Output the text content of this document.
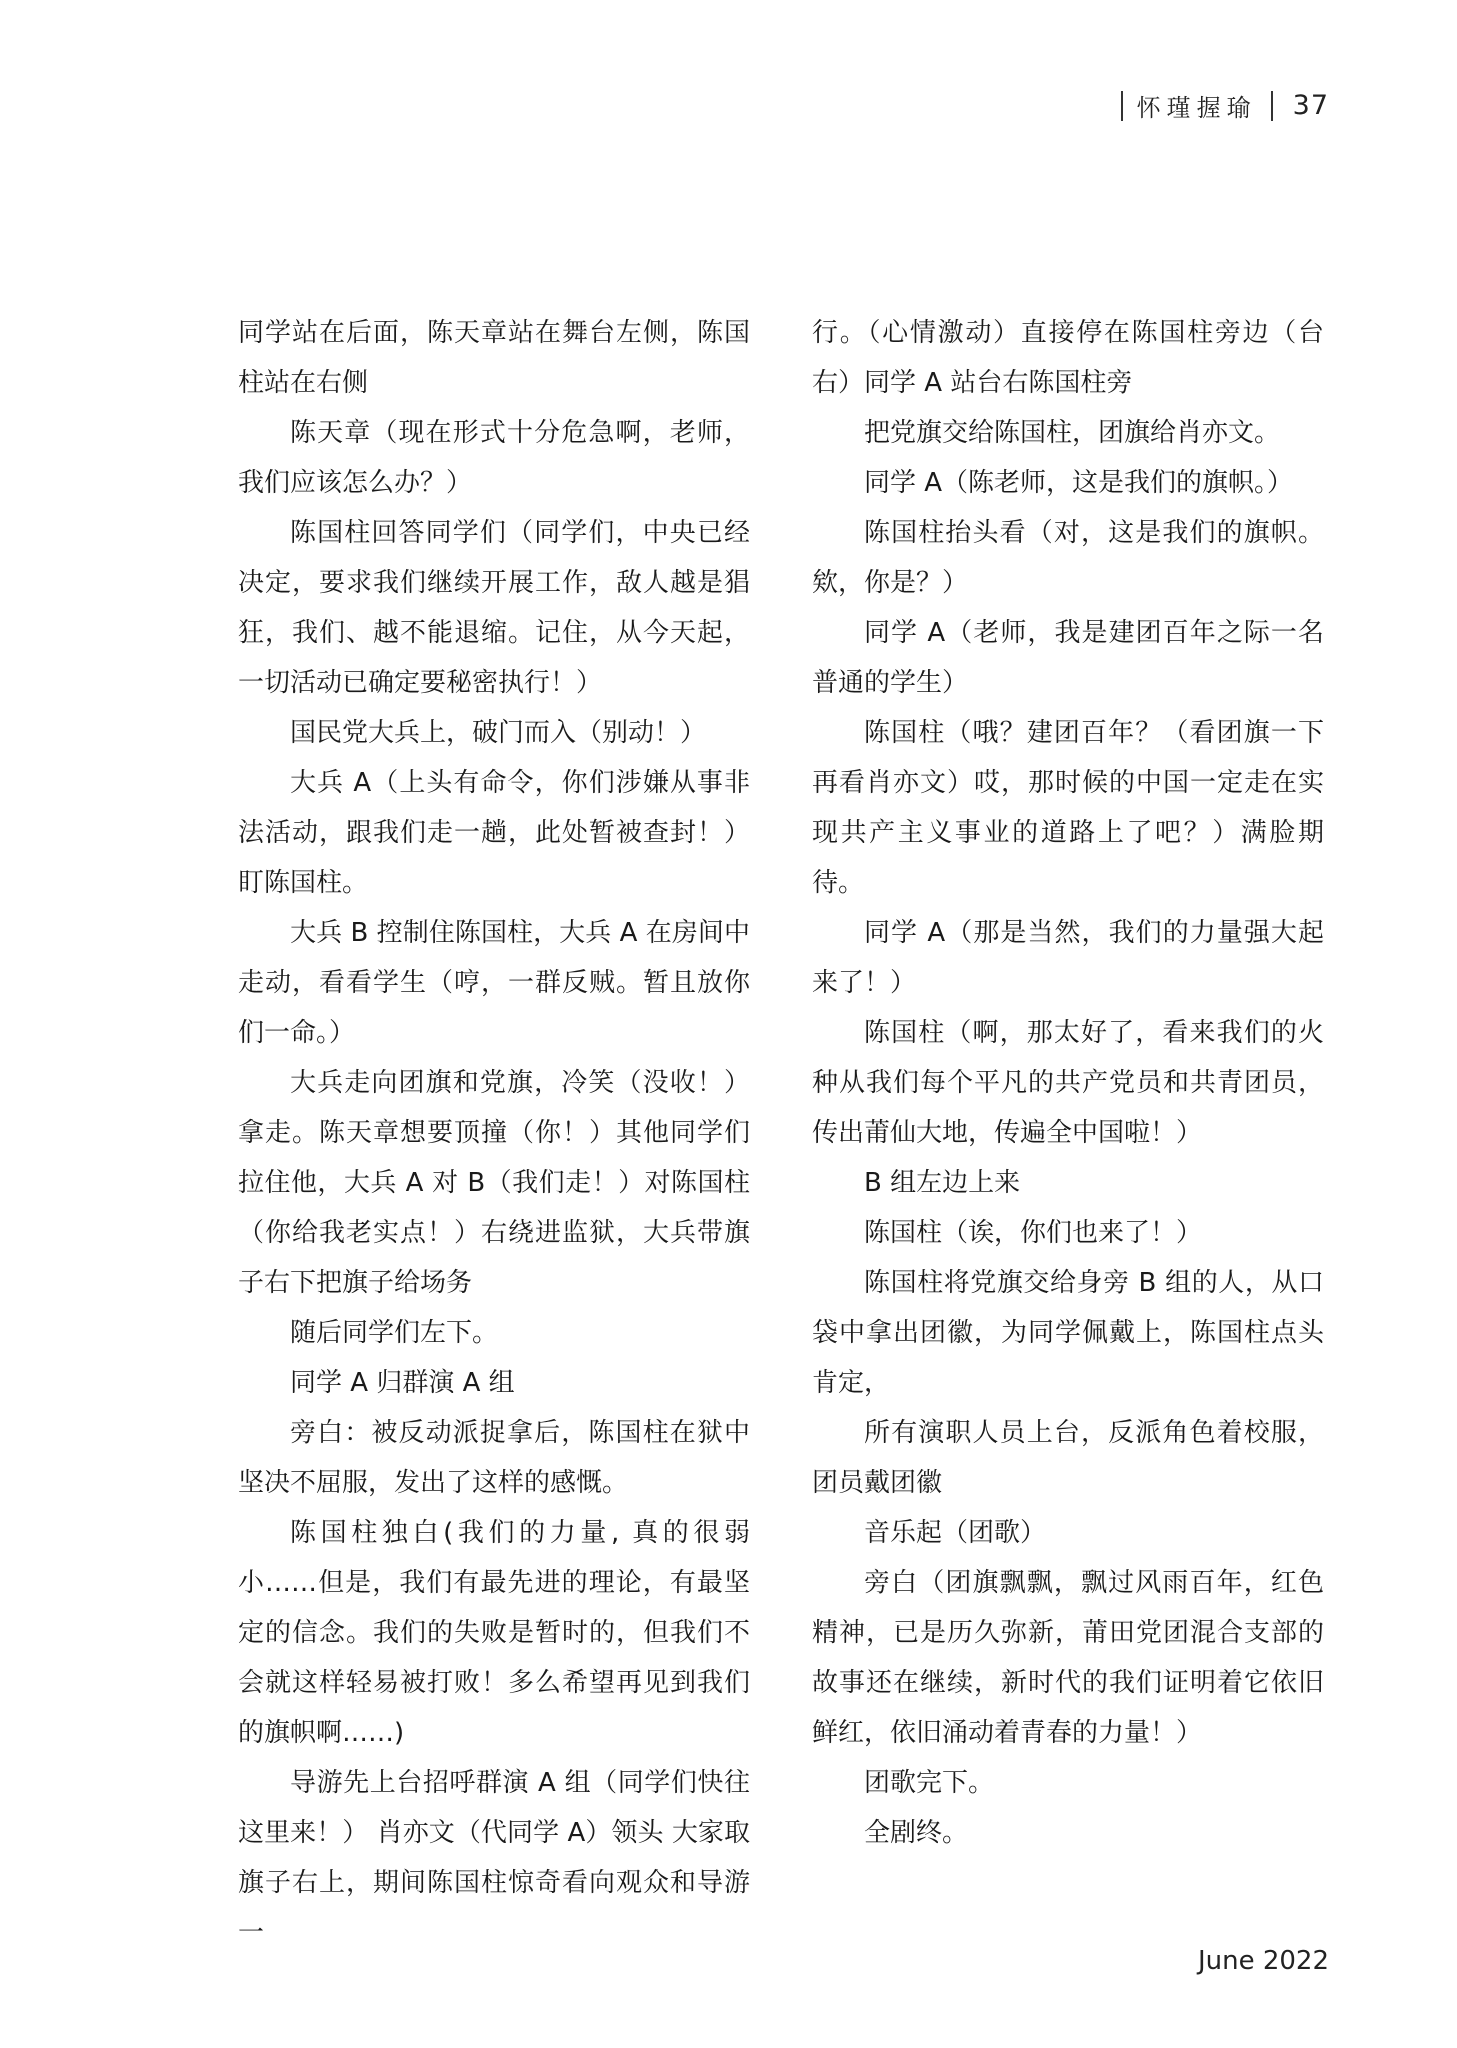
怀瑾握瑜 37

同学站在后面，陈天章站在舞台左侧，陈国柱站在右侧

陈天章（现在形式十分危急啊，老师，我们应该怎么办？）

陈国柱回答同学们（同学们，中央已经决定，要求我们继续开展工作，敌人越是猖狂，我们、越不能退缩。记住，从今天起，一切活动已确定要秘密执行！）

国民党大兵上，破门而入（别动！）

大兵 A（上头有命令，你们涉嫌从事非法活动，跟我们走一趟，此处暂被查封！）盯陈国柱。

大兵 B 控制住陈国柱，大兵 A 在房间中走动，看看学生（哼，一群反贼。暂且放你们一命。）

大兵走向团旗和党旗，冷笑（没收！）拿走。陈天章想要顶撞（你！）其他同学们拉住他，大兵 A 对 B（我们走！）对陈国柱（你给我老实点！）右绕进监狱，大兵带旗子右下把旗子给场务

随后同学们左下。

同学 A 归群演 A 组

旁白：被反动派捉拿后，陈国柱在狱中坚决不屈服，发出了这样的感慨。

陈国柱独白(我们的力量, 真的很弱小……但是，我们有最先进的理论，有最坚定的信念。我们的失败是暂时的，但我们不会就这样轻易被打败！多么希望再见到我们的旗帜啊……)

导游先上台招呼群演 A 组（同学们快往这里来！） 肖亦文（代同学 A）领头 大家取旗子右上，期间陈国柱惊奇看向观众和导游一

行。（心情激动）直接停在陈国柱旁边（台右）同学 A 站台右陈国柱旁

把党旗交给陈国柱，团旗给肖亦文。

同学 A（陈老师，这是我们的旗帜。）

陈国柱抬头看（对，这是我们的旗帜。欸，你是？）

同学 A（老师，我是建团百年之际一名普通的学生）

陈国柱（哦？建团百年？（看团旗一下再看肖亦文）哎，那时候的中国一定走在实现共产主义事业的道路上了吧？）满脸期待。

同学 A（那是当然，我们的力量强大起来了！）

陈国柱（啊，那太好了，看来我们的火种从我们每个平凡的共产党员和共青团员，传出莆仙大地，传遍全中国啦！）

B 组左边上来

陈国柱（诶，你们也来了！）

陈国柱将党旗交给身旁 B 组的人，从口袋中拿出团徽，为同学佩戴上，陈国柱点头肯定，

所有演职人员上台，反派角色着校服，团员戴团徽

音乐起（团歌）

旁白（团旗飘飘，飘过风雨百年，红色精神，已是历久弥新，莆田党团混合支部的故事还在继续，新时代的我们证明着它依旧鲜红，依旧涌动着青春的力量！）

团歌完下。

全剧终。

June 2022
